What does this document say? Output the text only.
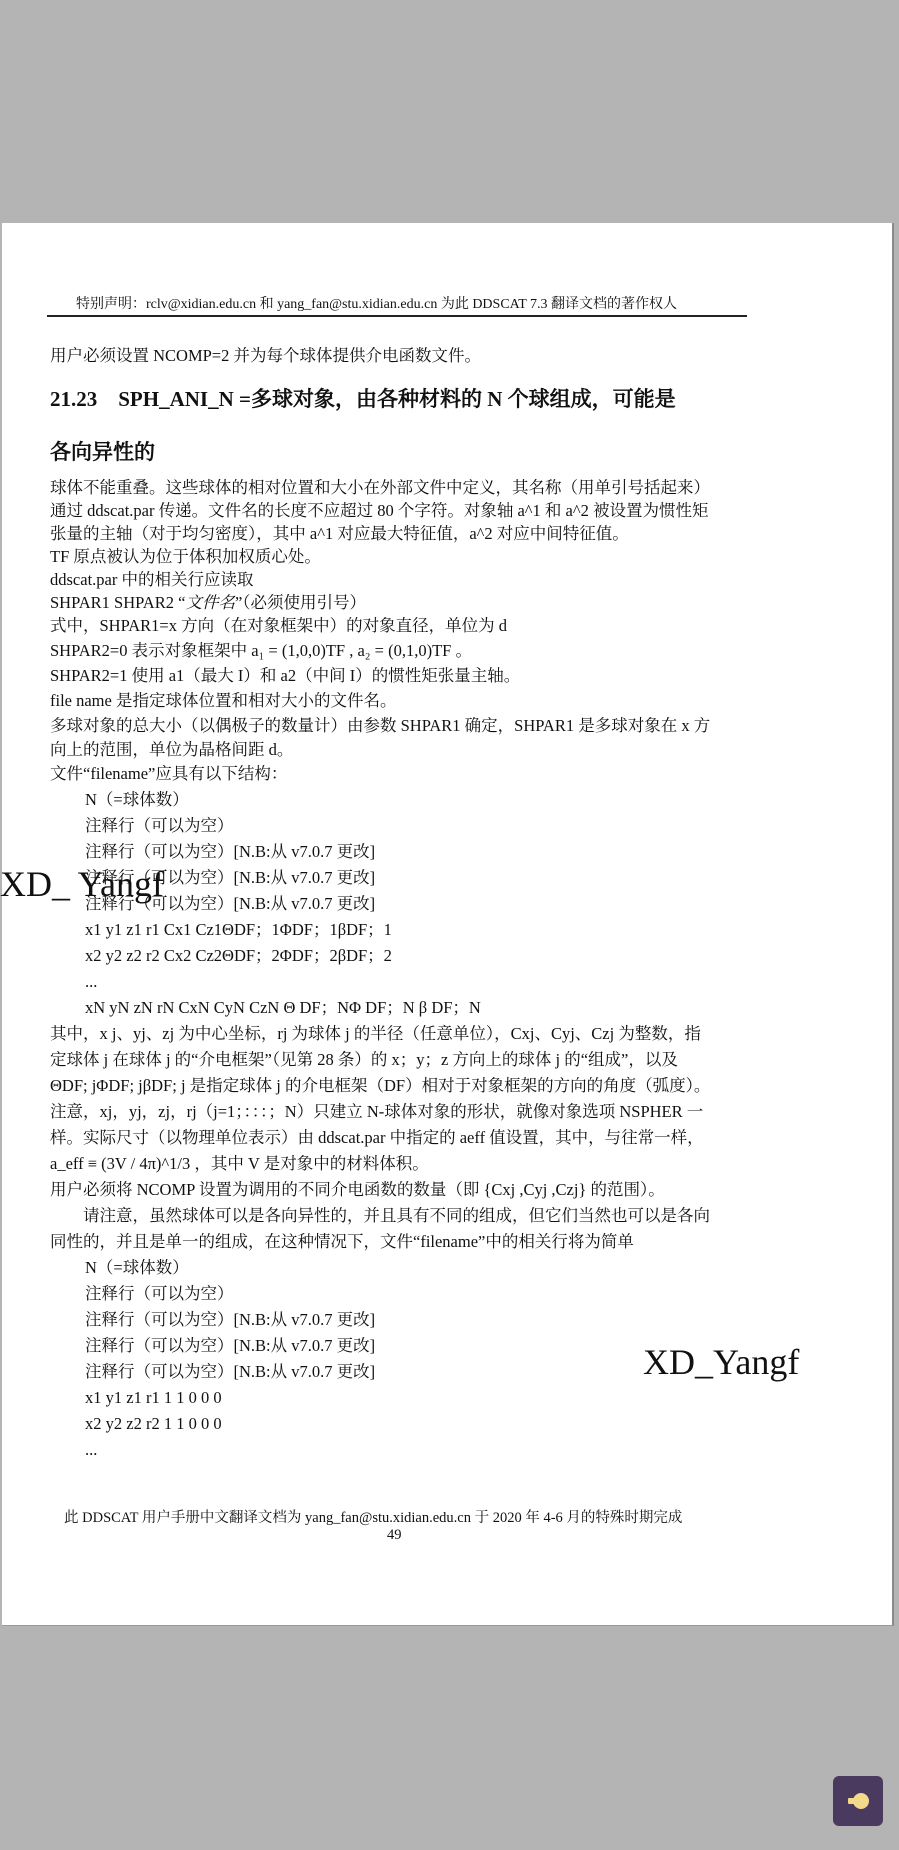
特别声明：rclv@xidian.edu.cn 和 yang_fan@stu.xidian.edu.cn 为此 DDSCAT 7.3 翻译文档的著作权人
用户必须设置 NCOMP=2 并为每个球体提供介电函数文件。
21.23　SPH_ANI_N =多球对象，由各种材料的 N 个球组成，可能是
各向异性的
球体不能重叠。这些球体的相对位置和大小在外部文件中定义，其名称（用单引号括起来）
通过 ddscat.par 传递。文件名的长度不应超过 80 个字符。对象轴 a^1 和 a^2 被设置为惯性矩
张量的主轴（对于均匀密度），其中 a^1 对应最大特征值，a^2 对应中间特征值。
TF 原点被认为位于体积加权质心处。
ddscat.par 中的相关行应读取
SHPAR1 SHPAR2 “文件名”（必须使用引号）
式中，SHPAR1=x 方向（在对象框架中）的对象直径，单位为 d
SHPAR2=0 表示对象框架中 a₁ = (1,0,0)TF , a₂ = (0,1,0)TF 。
SHPAR2=1 使用 a1（最大 I）和 a2（中间 I）的惯性矩张量主轴。
file name 是指定球体位置和相对大小的文件名。
多球对象的总大小（以偶极子的数量计）由参数 SHPAR1 确定，SHPAR1 是多球对象在 x 方
向上的范围，单位为晶格间距 d。
文件“filename”应具有以下结构：
N（=球体数）
注释行（可以为空）
注释行（可以为空）[N.B:从 v7.0.7 更改]
注释行（可以为空）[N.B:从 v7.0.7 更改]
注释行（可以为空）[N.B:从 v7.0.7 更改]
x1 y1 z1 r1 Cx1 Cz1ΘDF；1ΦDF；1βDF；1
x2 y2 z2 r2 Cx2 Cz2ΘDF；2ΦDF；2βDF；2
...
xN yN zN rN CxN CyN CzN Θ DF；NΦ DF；N β DF；N
其中，x j、yj、zj 为中心坐标，rj 为球体 j 的半径（任意单位），Cxj、Cyj、Czj 为整数，指
定球体 j 在球体 j 的“介电框架”（见第 28 条）的 x；y；z 方向上的球体 j 的“组成”，以及
ΘDF; jΦDF; jβDF; j 是指定球体 j 的介电框架（DF）相对于对象框架的方向的角度（弧度）。
注意，xj，yj，zj，rj（j=1；：：：；N）只建立 N-球体对象的形状，就像对象选项 NSPHER 一
样。实际尺寸（以物理单位表示）由 ddscat.par 中指定的 aeff 值设置，其中，与往常一样，
a_eff ≡ (3V / 4π)^1/3 ，其中 V 是对象中的材料体积。
用户必须将 NCOMP 设置为调用的不同介电函数的数量（即 {Cxj ,Cyj ,Czj} 的范围）。
　　请注意，虽然球体可以是各向异性的，并且具有不同的组成，但它们当然也可以是各向
同性的，并且是单一的组成，在这种情况下，文件“filename”中的相关行将为简单
N（=球体数）
注释行（可以为空）
注释行（可以为空）[N.B:从 v7.0.7 更改]
注释行（可以为空）[N.B:从 v7.0.7 更改]
注释行（可以为空）[N.B:从 v7.0.7 更改]
x1 y1 z1 r1 1 1 0 0 0
x2 y2 z2 r2 1 1 0 0 0
...
XD_ Yangf
XD_Yangf
此 DDSCAT 用户手册中文翻译文档为 yang_fan@stu.xidian.edu.cn 于 2020 年 4-6 月的特殊时期完成
49
